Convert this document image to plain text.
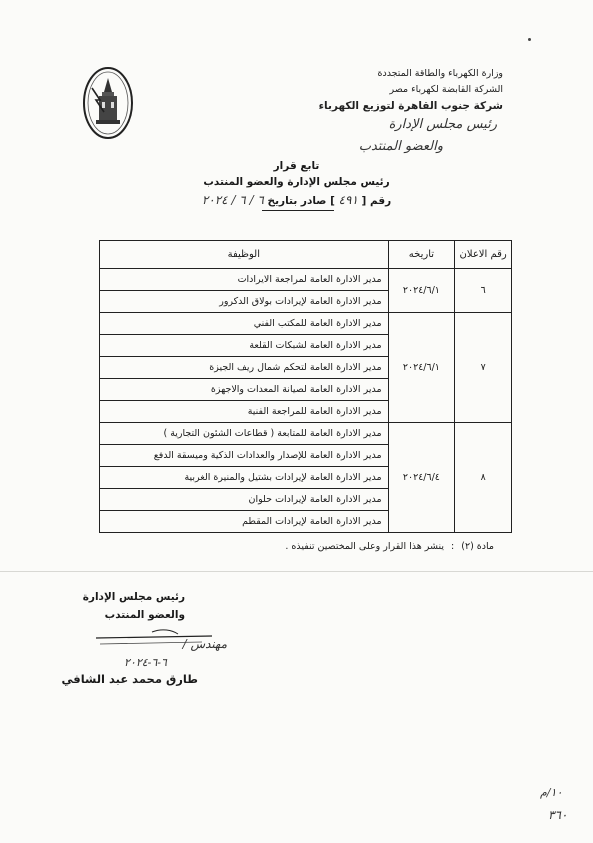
وزارة الكهرباء والطاقة المتجددة
الشركة القابضة لكهرباء مصر
شركة جنوب القاهرة لتوزيع الكهرباء
رئيس مجلس الإدارة
والعضو المنتدب
تابع قرار
رئيس مجلس الإدارة والعضو المنتدب
رقم [ ٤٩١ ] صادر بتاريخ ٦ / ٦ / ٢٠٢٤
رقم الاعلان	تاريخه	الوظيفة
٦	٢٠٢٤/٦/١	مدير الادارة العامة لمراجعة الايرادات
		مدير الادارة العامة لإيرادات بولاق الدكرور
٧	٢٠٢٤/٦/١	مدير الادارة العامة للمكتب الفني
		مدير الادارة العامة لشبكات القلعة
		مدير الادارة العامة لتحكم شمال ريف الجيزة
		مدير الادارة العامة لصيانة المعدات والاجهزة
		مدير الادارة العامة للمراجعة الفنية
٨	٢٠٢٤/٦/٤	مدير الادارة العامة للمتابعة ( قطاعات الشئون التجارية )
		مدير الادارة العامة للإصدار والعدادات الذكية وميسقة الدفع
		مدير الادارة العامة لإيرادات بشتيل والمنيرة الغربية
		مدير الادارة العامة لإيرادات حلوان
		مدير الادارة العامة لإيرادات المقطم
مادة (٢) : ينشر هذا القرار وعلى المختصين تنفيذه .
رئيس مجلس الإدارة
والعضو المنتدب
مهندس /
٦-٦-٢٠٢٤
طارق محمد عبد الشافي
١٠/م
٣٦٠
